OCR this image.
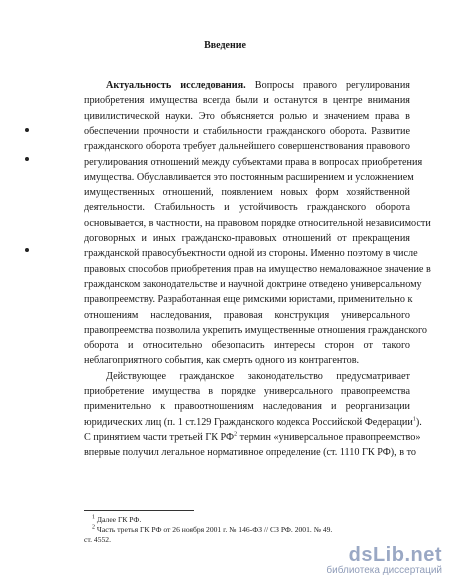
Введение
Актуальность исследования. Вопросы правого регулирования
приобретения имущества всегда были и останутся в центре внимания
цивилистической науки. Это объясняется ролью и значением права в
обеспечении прочности и стабильности гражданского оборота. Развитие
гражданского оборота требует дальнейшего совершенствования правового
регулирования отношений между субъектами права в вопросах приобретения
имущества. Обуславливается это постоянным расширением и усложнением
имущественных отношений, появлением новых форм хозяйственной
деятельности. Стабильность и устойчивость гражданского оборота
основывается, в частности, на правовом порядке относительной независимости
договорных и иных гражданско-правовых отношений от прекращения
гражданской правосубъектности одной из стороны. Именно поэтому в числе
правовых способов приобретения прав на имущество немаловажное значение в
гражданском законодательстве и научной доктрине отведено универсальному
правопреемству. Разработанная еще римскими юристами, применительно к
отношениям наследования, правовая конструкция универсального
правопреемства позволила укрепить имущественные отношения гражданского
оборота и относительно обезопасить интересы сторон от такого
неблагоприятного события, как смерть одного из контрагентов.
Действующее гражданское законодательство предусматривает
приобретение имущества в порядке универсального правопреемства
применительно к правоотношениям наследования и реорганизации
юридических лиц (п. 1 ст.129 Гражданского кодекса Российской Федерации$^1$).
С принятием части третьей ГК $РФ^2$ термин «универсальное правопреемство»
впервые получил легальное нормативное определение (ст. 1110 ГК РФ), в то
$^1$ Далее ГК РФ.
$^2$ Часть третья ГК РФ от 26 ноября 2001 г. № 146-ФЗ // СЗ РФ. 2001. № 49.
ст. 4552.
dsLib.net
библиотека диссертаций
